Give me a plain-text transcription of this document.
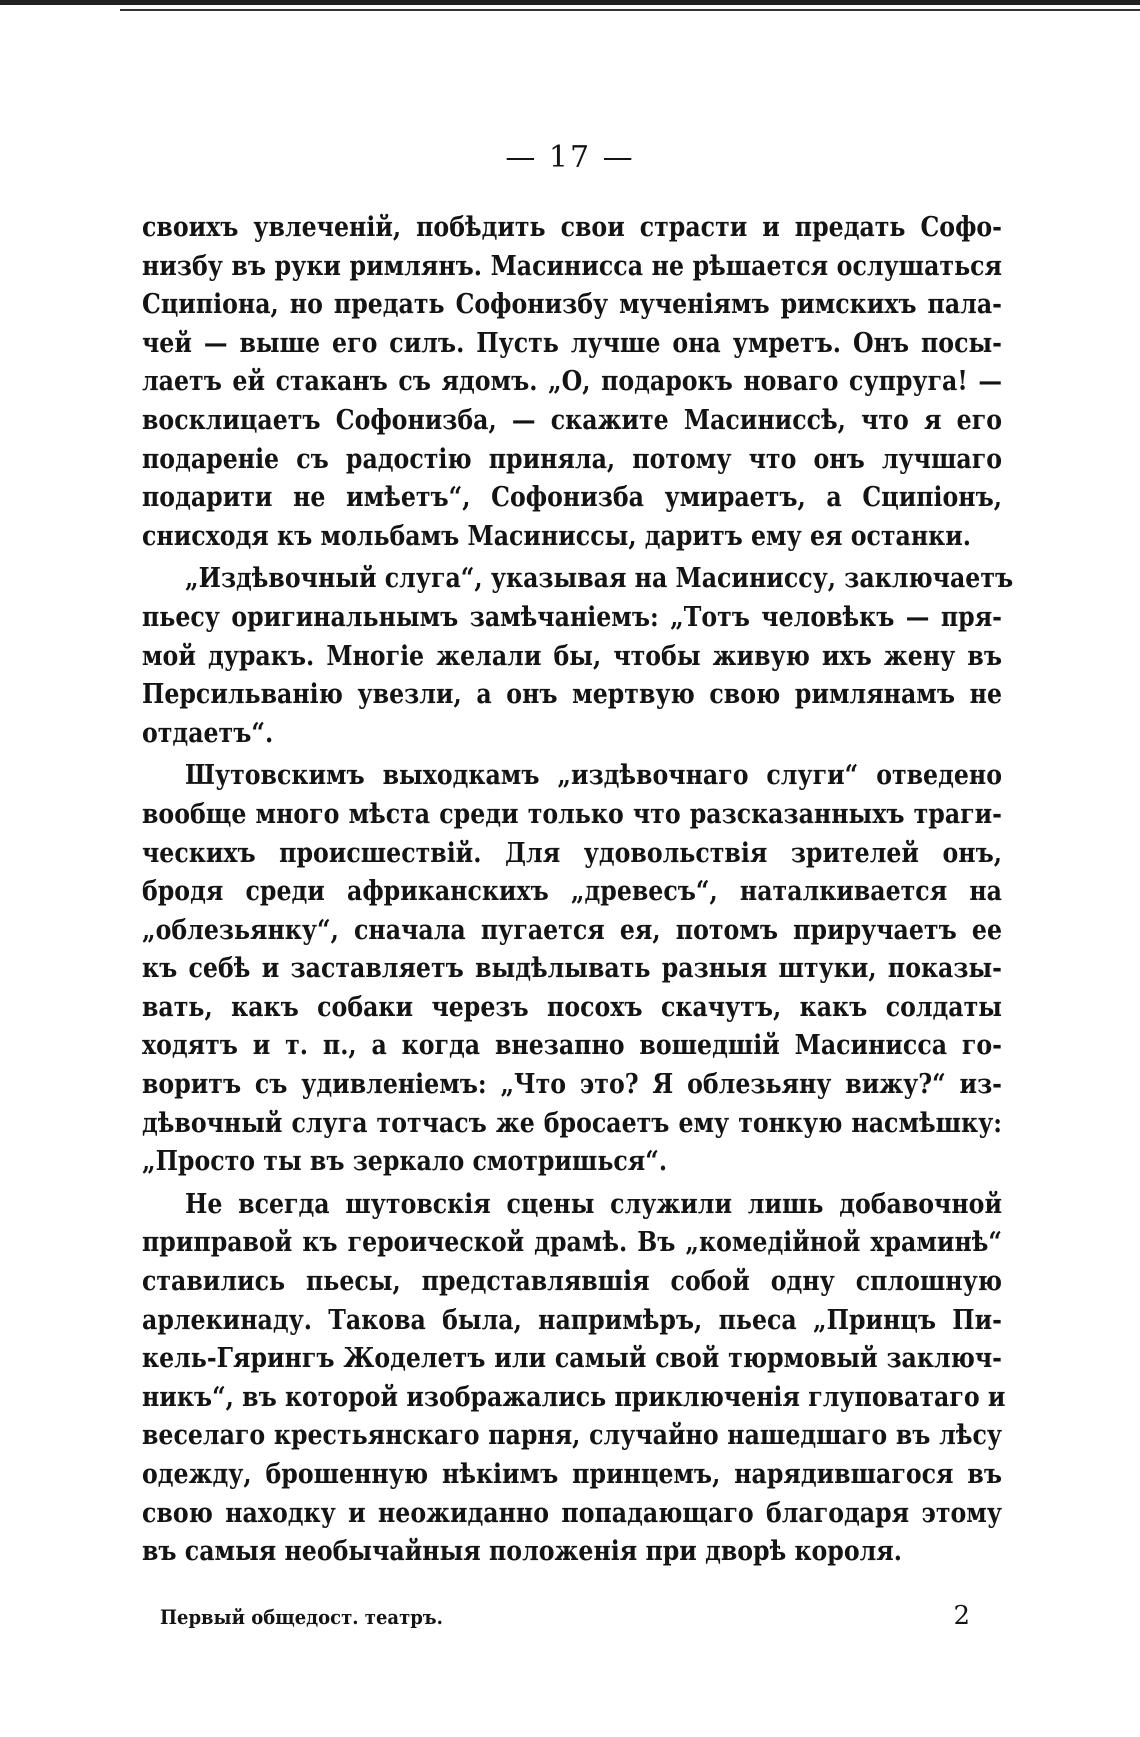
— 17 —
своихъ увлеченій, побѣдить свои страсти и предать Софо-
низбу въ руки римлянъ. Масинисса не рѣшается ослушаться
Сципіона, но предать Софонизбу мученіямъ римскихъ пала-
чей — выше его силъ. Пусть лучше она умретъ. Онъ посы-
лаетъ ей стаканъ съ ядомъ. „О, подарокъ новаго супруга! —
восклицаетъ Софонизба, — скажите Масиниссѣ, что я его
подареніе съ радостію приняла, потому что онъ лучшаго
подарити не имѣетъ“, Софонизба умираетъ, а Сципіонъ,
снисходя къ мольбамъ Масиниссы, даритъ ему ея останки.
„Издѣвочный слуга“, указывая на Масиниссу, заключаетъ
пьесу оригинальнымъ замѣчаніемъ: „Тотъ человѣкъ — пря-
мой дуракъ. Многіе желали бы, чтобы живую ихъ жену въ
Персильванію увезли, а онъ мертвую свою римлянамъ не
отдаетъ“.
Шутовскимъ выходкамъ „издѣвочнаго слуги“ отведено
вообще много мѣста среди только что разсказанныхъ траги-
ческихъ происшествій. Для удовольствія зрителей онъ,
бродя среди африканскихъ „древесъ“, наталкивается на
„облезьянку“, сначала пугается ея, потомъ приручаетъ ее
къ себѣ и заставляетъ выдѣлывать разныя штуки, показы-
вать, какъ собаки черезъ посохъ скачутъ, какъ солдаты
ходятъ и т. п., а когда внезапно вошедшій Масинисса го-
воритъ съ удивленіемъ: „Что это? Я облезьяну вижу?“ из-
дѣвочный слуга тотчасъ же бросаетъ ему тонкую насмѣшку:
„Просто ты въ зеркало смотришься“.
Не всегда шутовскія сцены служили лишь добавочной
приправой къ героической драмѣ. Въ „комедійной храминѣ“
ставились пьесы, представлявшія собой одну сплошную
арлекинаду. Такова была, напримѣръ, пьеса „Принцъ Пи-
кель-Гярингъ Жоделетъ или самый свой тюрмовый заключ-
никъ“, въ которой изображались приключенія глуповатаго и
веселаго крестьянскаго парня, случайно нашедшаго въ лѣсу
одежду, брошенную нѣкіимъ принцемъ, нарядившагося въ
свою находку и неожиданно попадающаго благодаря этому
въ самыя необычайныя положенія при дворѣ короля.
Первый общедост. театръ.	2
